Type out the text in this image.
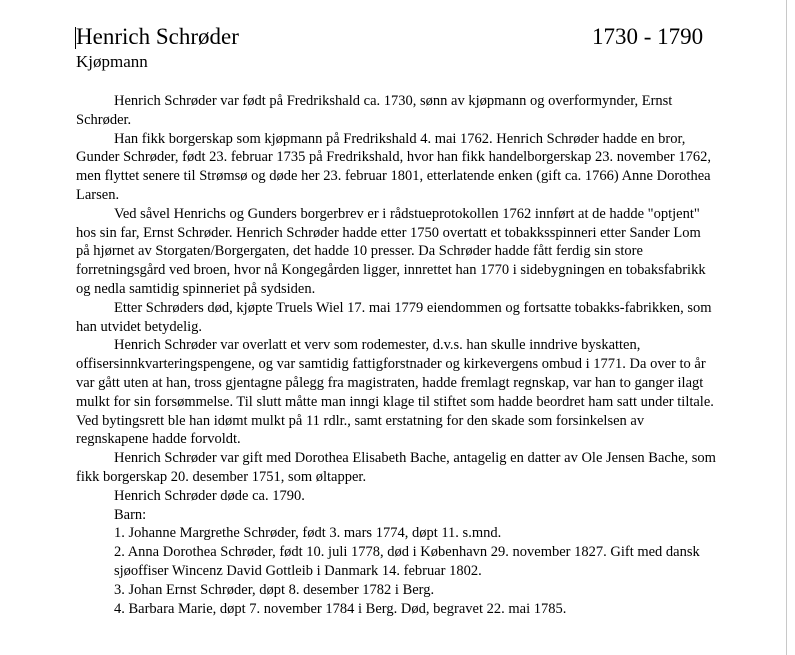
Henrich Schrøder	1730 - 1790
Kjøpmann

Henrich Schrøder var født på Fredrikshald ca. 1730, sønn av kjøpmann og overformynder, Ernst Schrøder.

Han fikk borgerskap som kjøpmann på Fredrikshald 4. mai 1762. Henrich Schrøder hadde en bror, Gunder Schrøder, født 23. februar 1735 på Fredrikshald, hvor han fikk handelborgerskap 23. november 1762, men flyttet senere til Strømsø og døde her 23. februar 1801, etterlatende enken (gift ca. 1766) Anne Dorothea Larsen.

Ved såvel Henrichs og Gunders borgerbrev er i rådstueprotokollen 1762 innført at de hadde "optjent" hos sin far, Ernst Schrøder. Henrich Schrøder hadde etter 1750 overtatt et tobakksspinneri etter Sander Lom på hjørnet av Storgaten/Borgergaten, det hadde 10 presser. Da Schrøder hadde fått ferdig sin store forretningsgård ved broen, hvor nå Kongegården ligger, innrettet han 1770 i sidebygningen en tobaksfabrikk og nedla samtidig spinneriet på sydsiden.

Etter Schrøders død, kjøpte Truels Wiel 17. mai 1779 eiendommen og fortsatte tobakks-fabrikken, som han utvidet betydelig.

Henrich Schrøder var overlatt et verv som rodemester, d.v.s. han skulle inndrive byskatten, offisersinnkvarteringspengene, og var samtidig fattigforstnader og kirkevergens ombud i 1771. Da over to år var gått uten at han, tross gjentagne pålegg fra magistraten, hadde fremlagt regnskap, var han to ganger ilagt mulkt for sin forsømmelse. Til slutt måtte man inngi klage til stiftet som hadde beordret ham satt under tiltale. Ved bytingsrett ble han idømt mulkt på 11 rdlr., samt erstatning for den skade som forsinkelsen av regnskapene hadde forvoldt.

Henrich Schrøder var gift med Dorothea Elisabeth Bache, antagelig en datter av Ole Jensen Bache, som fikk borgerskap 20. desember 1751, som øltapper.

Henrich Schrøder døde ca. 1790.

Barn:

1. Johanne Margrethe Schrøder, født 3. mars 1774, døpt 11. s.mnd.

2. Anna Dorothea Schrøder, født 10. juli 1778, død i København 29. november 1827. Gift med dansk sjøoffiser Wincenz David Gottleib i Danmark 14. februar 1802.

3. Johan Ernst Schrøder, døpt 8. desember 1782 i Berg.

4. Barbara Marie, døpt 7. november 1784 i Berg. Død, begravet 22. mai 1785.
